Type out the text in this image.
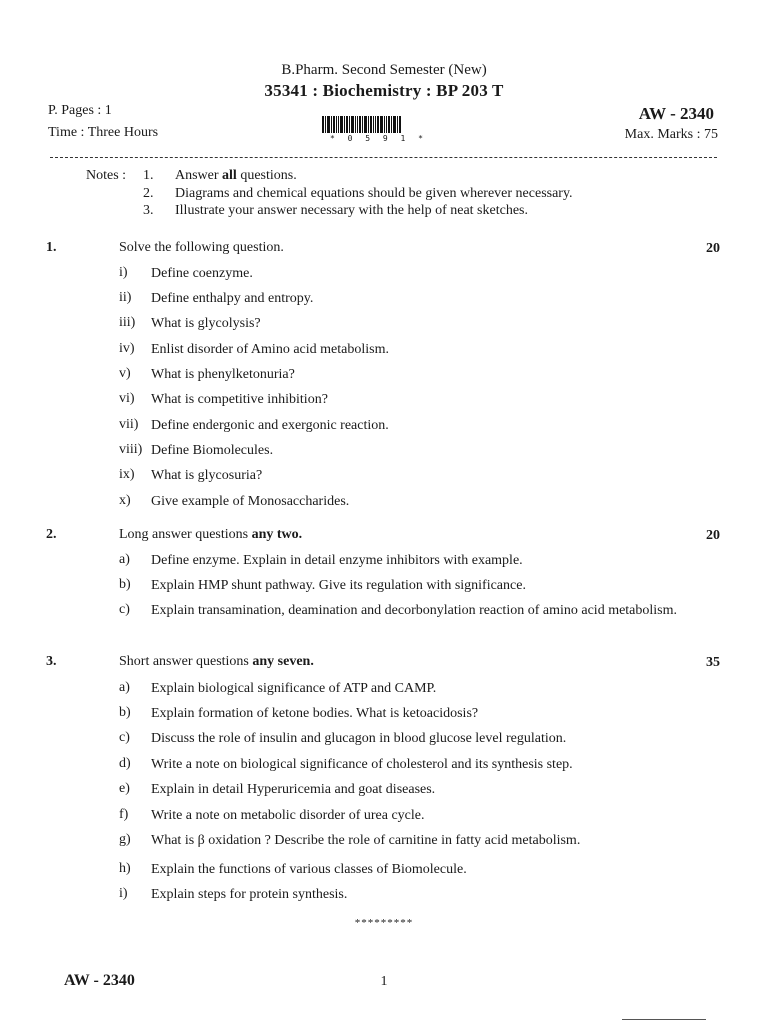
B.Pharm. Second Semester (New)
35341 : Biochemistry : BP 203 T
P. Pages : 1
Time : Three Hours
AW - 2340
Max. Marks : 75
* 0 5 9 1 *
Notes : 1.	Answer all questions.
2.	Diagrams and chemical equations should be given wherever necessary.
3.	Illustrate your answer necessary with the help of neat sketches.
1.	Solve the following question.	20
i)	Define coenzyme.
ii)	Define enthalpy and entropy.
iii)	What is glycolysis?
iv)	Enlist disorder of Amino acid metabolism.
v)	What is phenylketonuria?
vi)	What is competitive inhibition?
vii) Define endergonic and exergonic reaction.
viii) Define Biomolecules.
ix)	What is glycosuria?
x)	Give example of Monosaccharides.
2.	Long answer questions any two.	20
a)	Define enzyme. Explain in detail enzyme inhibitors with example.
b)	Explain HMP shunt pathway. Give its regulation with significance.
c)	Explain transamination, deamination and decorbonylation reaction of amino acid metabolism.
3.	Short answer questions any seven.	35
a)	Explain biological significance of ATP and CAMP.
b)	Explain formation of ketone bodies. What is ketoacidosis?
c)	Discuss the role of insulin and glucagon in blood glucose level regulation.
d)	Write a note on biological significance of cholesterol and its synthesis step.
e)	Explain in detail Hyperuricemia and goat diseases.
f)	Write a note on metabolic disorder of urea cycle.
g)	What is β oxidation ? Describe the role of carnitine in fatty acid metabolism.
h)	Explain the functions of various classes of Biomolecule.
i)	Explain steps for protein synthesis.
*********
AW - 2340	1
